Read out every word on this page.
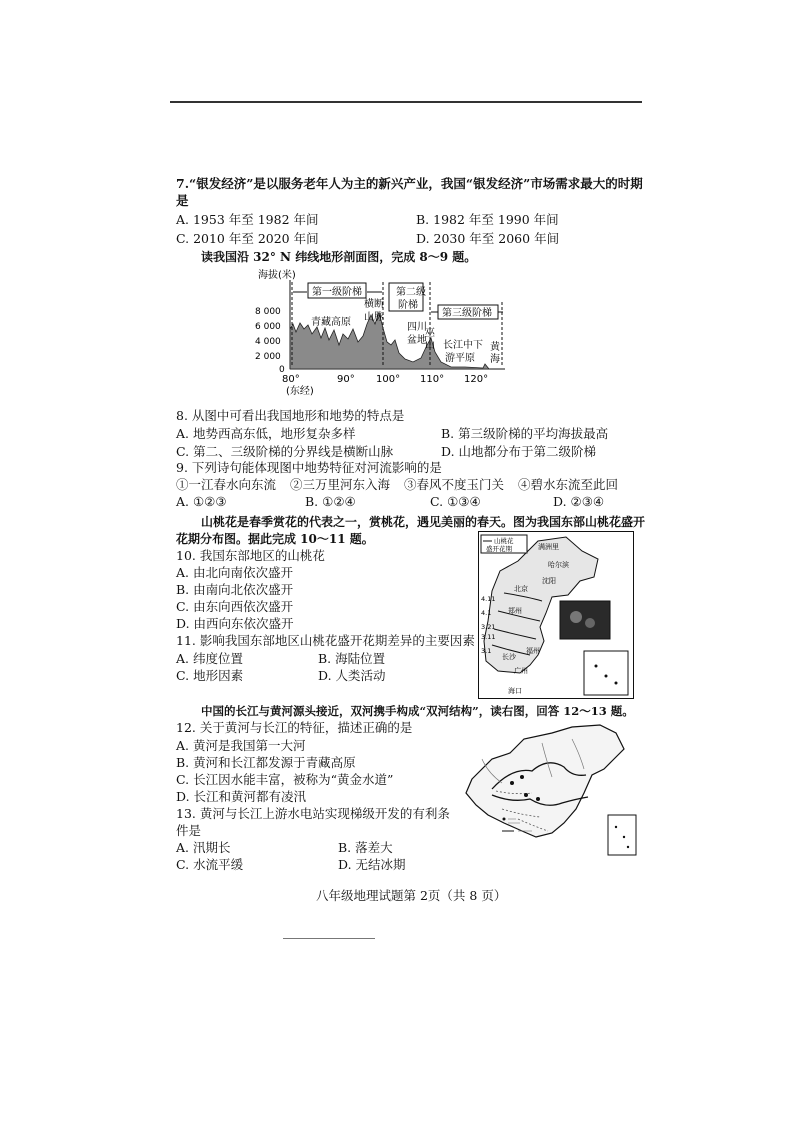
7.“银发经济”是以服务老年人为主的新兴产业，我国“银发经济”市场需求最大的时期
是
A. 1953 年至 1982 年间	B. 1982 年至 1990 年间
C. 2010 年至 2020 年间	D. 2030 年至 2060 年间
读我国沿 32° N 纬线地形剖面图，完成 8～9 题。
海拔(米)
8 000
6 000
4 000
2 000
0
第一级阶梯	第二级
阶梯
第三级阶梯
青藏高原
横断
山脉
四川
盆地
巫
山 长江中下
游平原
黄
海
80°	90° 100° 110° 120°
(东经)
8. 从图中可看出我国地形和地势的特点是
A. 地势西高东低，地形复杂多样	B. 第三级阶梯的平均海拔最高
C. 第二、三级阶梯的分界线是横断山脉	D. 山地都分布于第二级阶梯
9. 下列诗句能体现图中地势特征对河流影响的是
①一江春水向东流 ②三万里河东入海 ③春风不度玉门关 ④碧水东流至此回
A. ①②③	B. ①②④	C. ①③④	D. ②③④
山桃花是春季赏花的代表之一，赏桃花，遇见美丽的春天。图为我国东部山桃花盛开
花期分布图。据此完成 10～11 题。	山桃花
盛开花期	满洲里
哈尔滨
沈阳
北京
郑州
长沙
福州
广州
海口
4.11
4.1
3.21
3.11
3.1
10. 我国东部地区的山桃花
A. 由北向南依次盛开
B. 由南向北依次盛开
C. 由东向西依次盛开
D. 由西向东依次盛开
11. 影响我国东部地区山桃花盛开花期差异的主要因素
A. 纬度位置	B. 海陆位置
C. 地形因素	D. 人类活动
中国的长江与黄河源头接近，双河携手构成“双河结构”，读右图，回答 12～13 题。
12. 关于黄河与长江的特征，描述正确的是
A. 黄河是我国第一大河
B. 黄河和长江都发源于青藏高原
C. 长江因水能丰富，被称为“黄金水道”
D. 长江和黄河都有凌汛
13. 黄河与长江上游水电站实现梯级开发的有利条
件是
A. 汛期长	B. 落差大
C. 水流平缓	D. 无结冰期
八年级地理试题第 2页（共 8 页）
